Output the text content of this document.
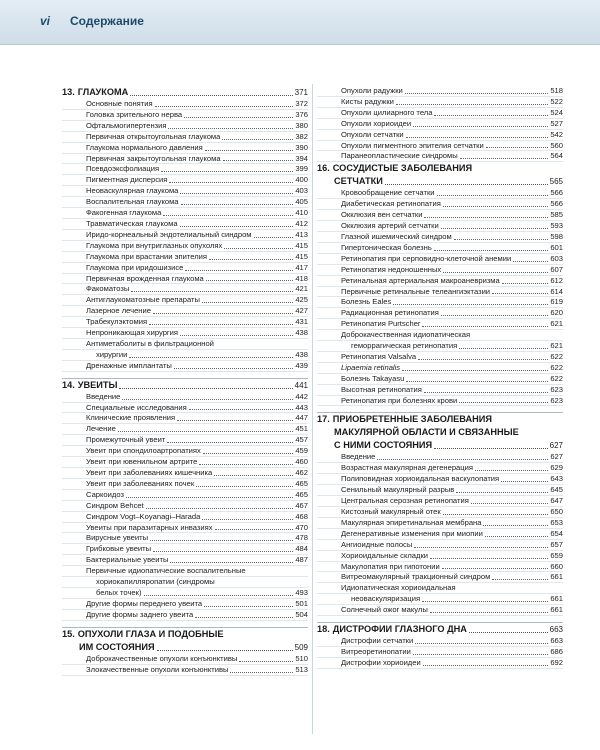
vi Содержание
13. ГЛАУКОМА	371
Основные понятия	372
Головка зрительного нерва	376
Офтальмогипертензия	380
Первичная открытоугольная глаукома	382
Глаукома нормального давления	390
Первичная закрытоугольная глаукома	394
Псевдоэксфолиация	399
Пигментная дисперсия	400
Неоваскулярная глаукома	403
Воспалительная глаукома	405
Факогенная глаукома	410
Травматическая глаукома	412
Иридо-корнеальный эндотелиальный синдром	413
Глаукома при внутриглазных опухолях	415
Глаукома при врастании эпителия	415
Глаукома при иридошизисе	417
Первичная врожденная глаукома	418
Факоматозы	421
Антиглаукоматозные препараты	425
Лазерное лечение	427
Трабекулэктомия	431
Непроникающая хирургия	438
Антиметаболиты в фильтрационной
хирургии	438
Дренажные имплантаты	439
14. УВЕИТЫ	441
Введение	442
Специальные исследования	443
Клинические проявления	447
Лечение	451
Промежуточный увеит	457
Увеит при спондилоартропатиях	459
Увеит при ювенильном артрите	460
Увеит при заболеваниях кишечника	462
Увеит при заболеваниях почек	465
Саркоидоз	465
Синдром Behcet	467
Синдром Vogt–Koyanagi–Harada	468
Увеиты при паразитарных инвазиях	470
Вирусные увеиты	478
Грибковые увеиты	484
Бактериальные увеиты	487
Первичные идиопатические воспалительные
хориокапилляропатии (синдромы
белых точек)	493
Другие формы переднего увеита	501
Другие формы заднего увеита	504
15. ОПУХОЛИ ГЛАЗА И ПОДОБНЫЕ
ИМ СОСТОЯНИЯ	509
Доброкачественные опухоли конъюнктивы	510
Злокачественные опухоли конъюнктивы	513
Опухоли радужки	518
Кисты радужки	522
Опухоли цилиарного тела	524
Опухоли хориоидеи	527
Опухоли сетчатки	542
Опухоли пигментного эпителия сетчатки	560
Паранеопластические синдромы	564
16. СОСУДИСТЫЕ ЗАБОЛЕВАНИЯ
СЕТЧАТКИ	565
Кровообращение сетчатки	566
Диабетическая ретинопатия	566
Окклюзия вен сетчатки	585
Окклюзия артерий сетчатки	593
Глазной ишемический синдром	598
Гипертоническая болезнь	601
Ретинопатия при серповидно-клеточной анемии	603
Ретинопатия недоношенных	607
Ретинальная артериальная макроаневризма	612
Первичные ретинальные телеангиэктазии	614
Болезнь Eales	619
Радиационная ретинопатия	620
Ретинопатия Purtscher	621
Доброкачественная идиопатическая
геморрагическая ретинопатия	621
Ретинопатия Valsalva	622
Lipaemia retinalis	622
Болезнь Takayasu	622
Высотная ретинопатия	623
Ретинопатия при болезнях крови	623
17. ПРИОБРЕТЕННЫЕ ЗАБОЛЕВАНИЯ
МАКУЛЯРНОЙ ОБЛАСТИ И СВЯЗАННЫЕ
С НИМИ СОСТОЯНИЯ	627
Введение	627
Возрастная макулярная дегенерация	629
Полиповидная хориоидальная васкулопатия	643
Сенильный макулярный разрыв	645
Центральная серозная ретинопатия	647
Кистозный макулярный отек	650
Макулярная эпиретинальная мембрана	653
Дегенеративные изменения при миопии	654
Ангиоидные полосы	657
Хориоидальные складки	659
Макулопатия при гипотонии	660
Витреомакулярный тракционный синдром	661
Идиопатическая хориоидальная
неоваскуляризация	661
Солнечный ожог макулы	661
18. ДИСТРОФИИ ГЛАЗНОГО ДНА	663
Дистрофии сетчатки	663
Витреоретинопатии	686
Дистрофии хориоидеи	692
